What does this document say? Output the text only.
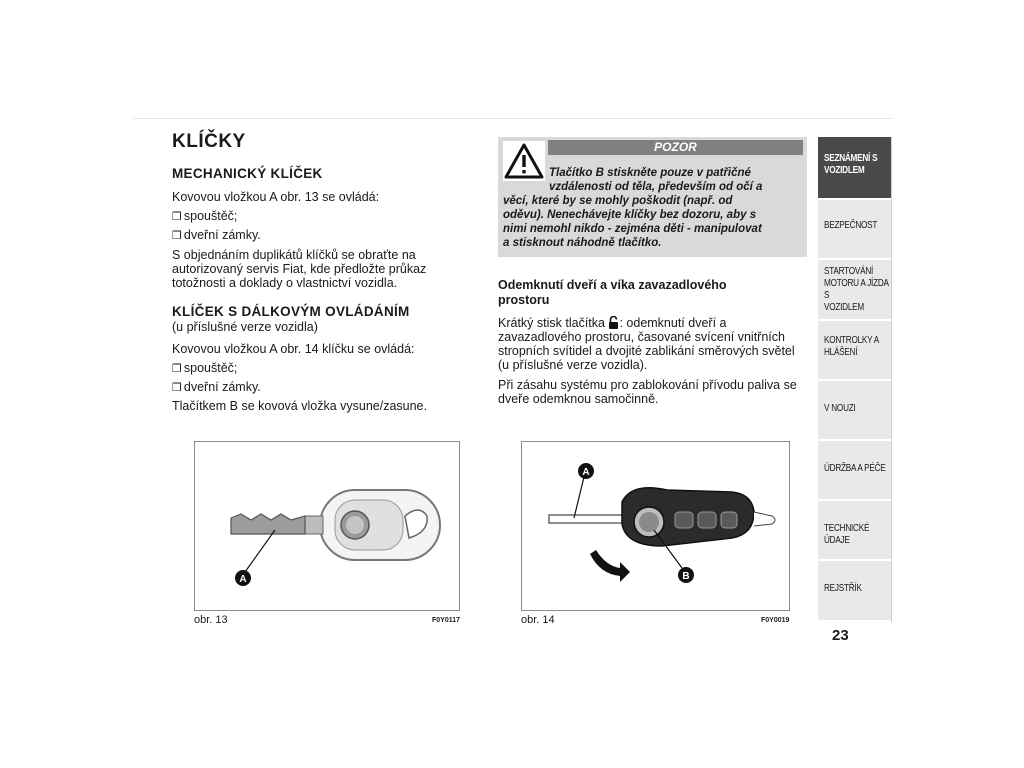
KLÍČKY
MECHANICKÝ KLÍČEK
Kovovou vložkou A obr. 13 se ovládá:
❒ spouštěč;
❒ dveřní zámky.
S objednáním duplikátů klíčků se obraťte na
autorizovaný servis Fiat, kde předložte průkaz
totožnosti a doklady o vlastnictví vozidla.
KLÍČEK S DÁLKOVÝM OVLÁDÁNÍM
(u příslušné verze vozidla)
Kovovou vložkou A obr. 14 klíčku se ovládá:
❒ spouštěč;
❒ dveřní zámky.
Tlačítkem B se kovová vložka vysune/zasune.
POZOR
Tlačítko B stiskněte pouze v patřičné
vzdálenosti od těla, především od očí a
věcí, které by se mohly poškodit (např. od
oděvu). Nenechávejte klíčky bez dozoru, aby s
nimi nemohl nikdo - zejména děti - manipulovat
a stisknout náhodně tlačítko.
Odemknutí dveří a víka zavazadlového
prostoru
Krátký stisk tlačítka : odemknutí dveří a
zavazadlového prostoru, časované svícení vnitřních
stropních svítidel a dvojité zablikání směrových světel
(u příslušné verze vozidla).
Při zásahu systému pro zablokování přívodu paliva se
dveře odemknou samočinně.
A
obr. 13	F0Y0117
A
B
obr. 14	F0Y0019
SEZNÁMENÍ S
VOZIDLEM
BEZPEČNOST
STARTOVÁNÍ
MOTORU A JÍZDA S
VOZIDLEM
KONTROLKY A
HLÁŠENÍ
V NOUZI
ÚDRŽBA A PÉČE
TECHNICKÉ ÚDAJE
REJSTŘÍK
23
